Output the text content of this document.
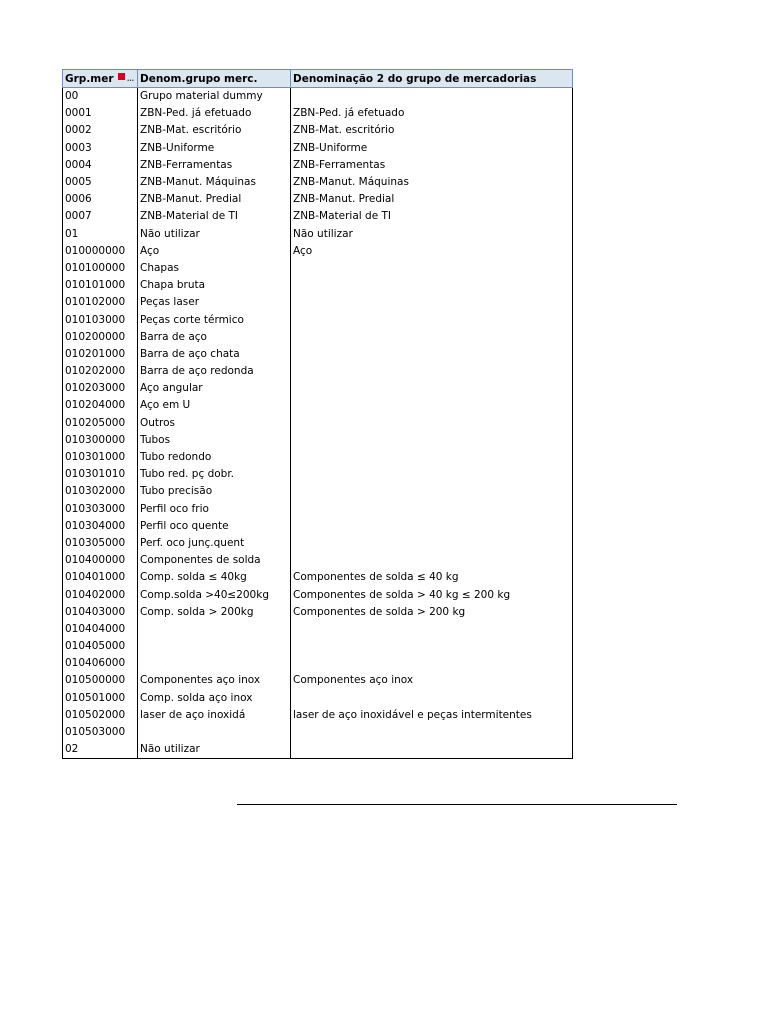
Grp.mer …	Denom.grupo merc.	Denominação 2 do grupo de mercadorias
00	Grupo material dummy	
0001	ZBN-Ped. já efetuado	ZBN-Ped. já efetuado
0002	ZNB-Mat. escritório	ZNB-Mat. escritório
0003	ZNB-Uniforme	ZNB-Uniforme
0004	ZNB-Ferramentas	ZNB-Ferramentas
0005	ZNB-Manut. Máquinas	ZNB-Manut. Máquinas
0006	ZNB-Manut. Predial	ZNB-Manut. Predial
0007	ZNB-Material de TI	ZNB-Material de TI
01	Não utilizar	Não utilizar
010000000	Aço	Aço
010100000	Chapas	
010101000	Chapa bruta	
010102000	Peças laser	
010103000	Peças corte térmico	
010200000	Barra de aço	
010201000	Barra de aço chata	
010202000	Barra de aço redonda	
010203000	Aço angular	
010204000	Aço em U	
010205000	Outros	
010300000	Tubos	
010301000	Tubo redondo	
010301010	Tubo red. pç dobr.	
010302000	Tubo precisão	
010303000	Perfil oco frio	
010304000	Perfil oco quente	
010305000	Perf. oco junç.quent	
010400000	Componentes de solda	
010401000	Comp. solda ≤ 40kg	Componentes de solda ≤ 40 kg
010402000	Comp.solda >40≤200kg	Componentes de solda > 40 kg ≤ 200 kg
010403000	Comp. solda > 200kg	Componentes de solda > 200 kg
010404000		
010405000		
010406000		
010500000	Componentes aço inox	Componentes aço inox
010501000	Comp. solda aço inox	
010502000	laser de aço inoxidá	laser de aço inoxidável e peças intermitentes
010503000		
02	Não utilizar	
